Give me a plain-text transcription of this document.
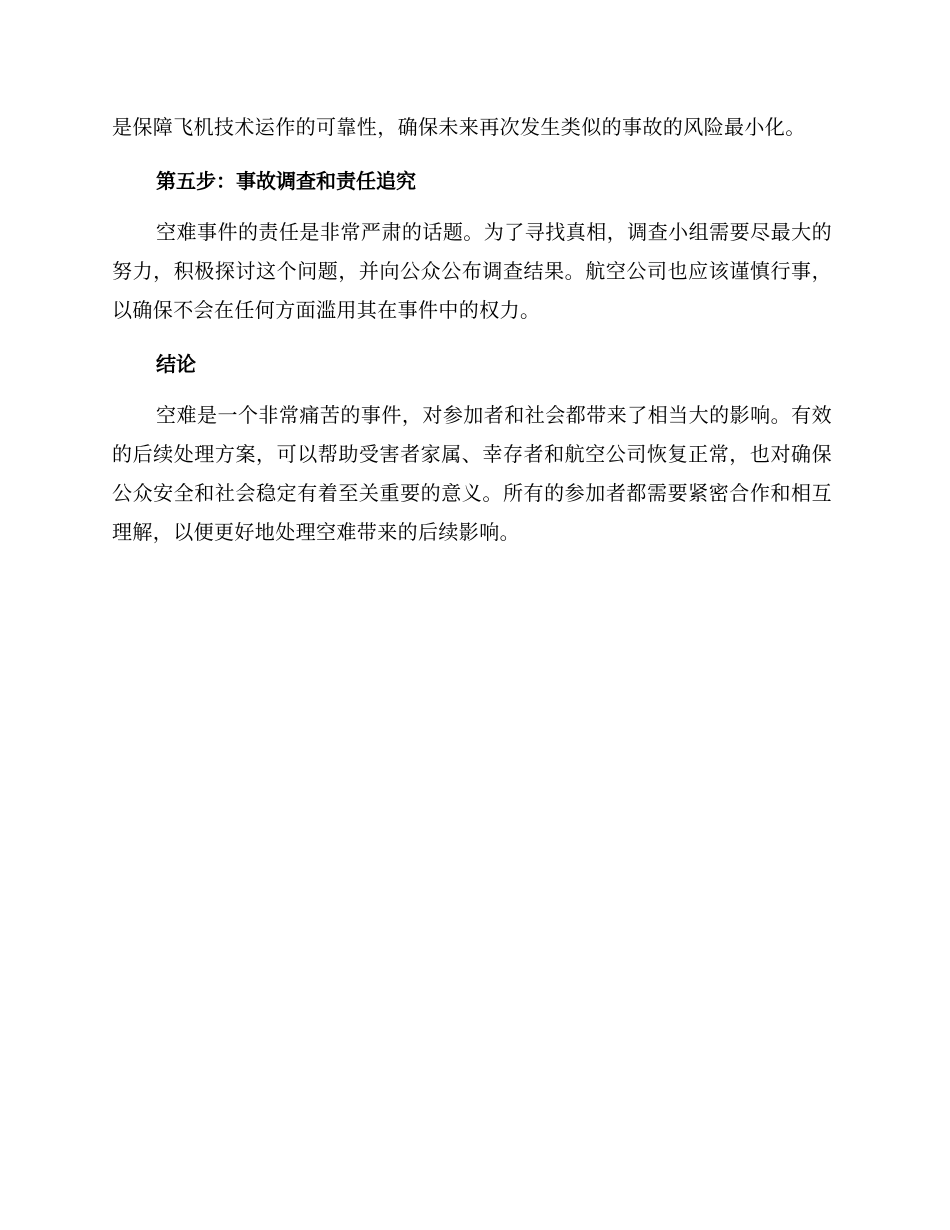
是保障飞机技术运作的可靠性，确保未来再次发生类似的事故的风险最小化。

第五步：事故调查和责任追究

空难事件的责任是非常严肃的话题。为了寻找真相，调查小组需要尽最大的努力，积极探讨这个问题，并向公众公布调查结果。航空公司也应该谨慎行事，以确保不会在任何方面滥用其在事件中的权力。

结论

空难是一个非常痛苦的事件，对参加者和社会都带来了相当大的影响。有效的后续处理方案，可以帮助受害者家属、幸存者和航空公司恢复正常，也对确保公众安全和社会稳定有着至关重要的意义。所有的参加者都需要紧密合作和相互理解，以便更好地处理空难带来的后续影响。
